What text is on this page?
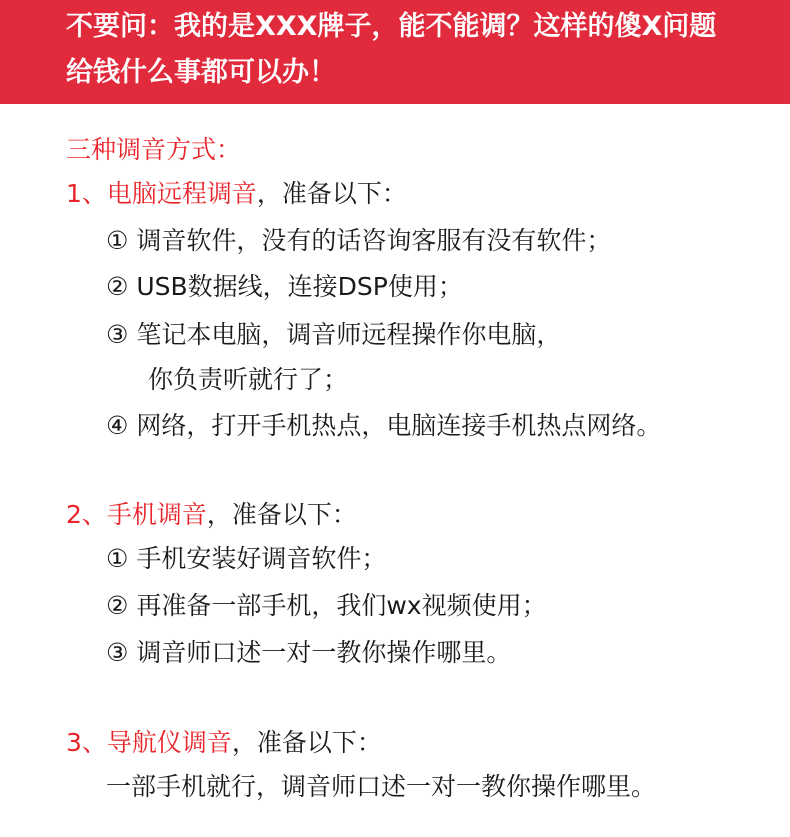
不要问：我的是XXX牌子，能不能调？这样的傻X问题
给钱什么事都可以办！
三种调音方式：
1、电脑远程调音，准备以下：
① 调音软件，没有的话咨询客服有没有软件；
② USB数据线，连接DSP使用；
③ 笔记本电脑，调音师远程操作你电脑，
你负责听就行了；
④ 网络，打开手机热点，电脑连接手机热点网络。
2、手机调音，准备以下：
① 手机安装好调音软件；
② 再准备一部手机，我们wx视频使用；
③ 调音师口述一对一教你操作哪里。
3、导航仪调音，准备以下：
一部手机就行，调音师口述一对一教你操作哪里。
